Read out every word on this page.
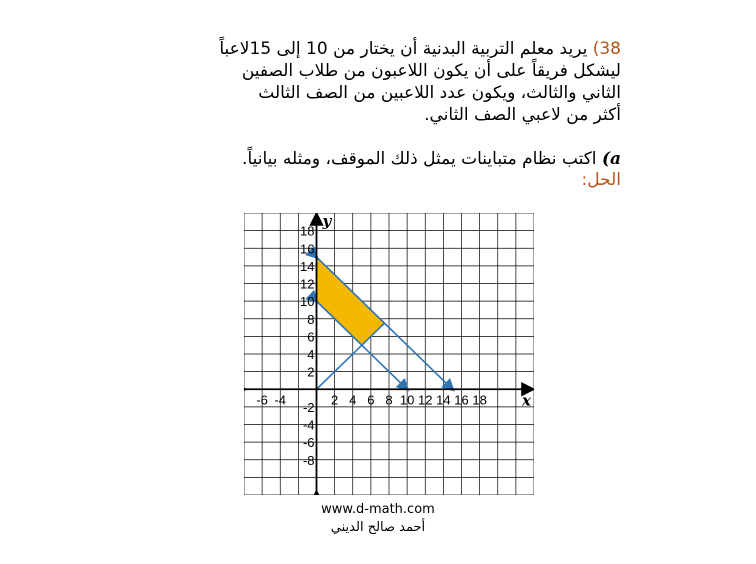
38) يريد معلم التربية البدنية أن يختار من 10 إلى 15لاعباً
ليشكل فريقاً على أن يكون اللاعبون من طلاب الصفين
الثاني والثالث، ويكون عدد اللاعبين من الصف الثالث
أكثر من لاعبي الصف الثاني.
a) اكتب نظام متباينات يمثل ذلك الموقف، ومثله بيانياً.
الحل:
-6 -4	2 4 6 8 10 12 14 16 18
18
16
14
12
10
8
6
4
2
-2
-4
-6
-8
x
y
www.d-math.com
أحمد صالح الديني
